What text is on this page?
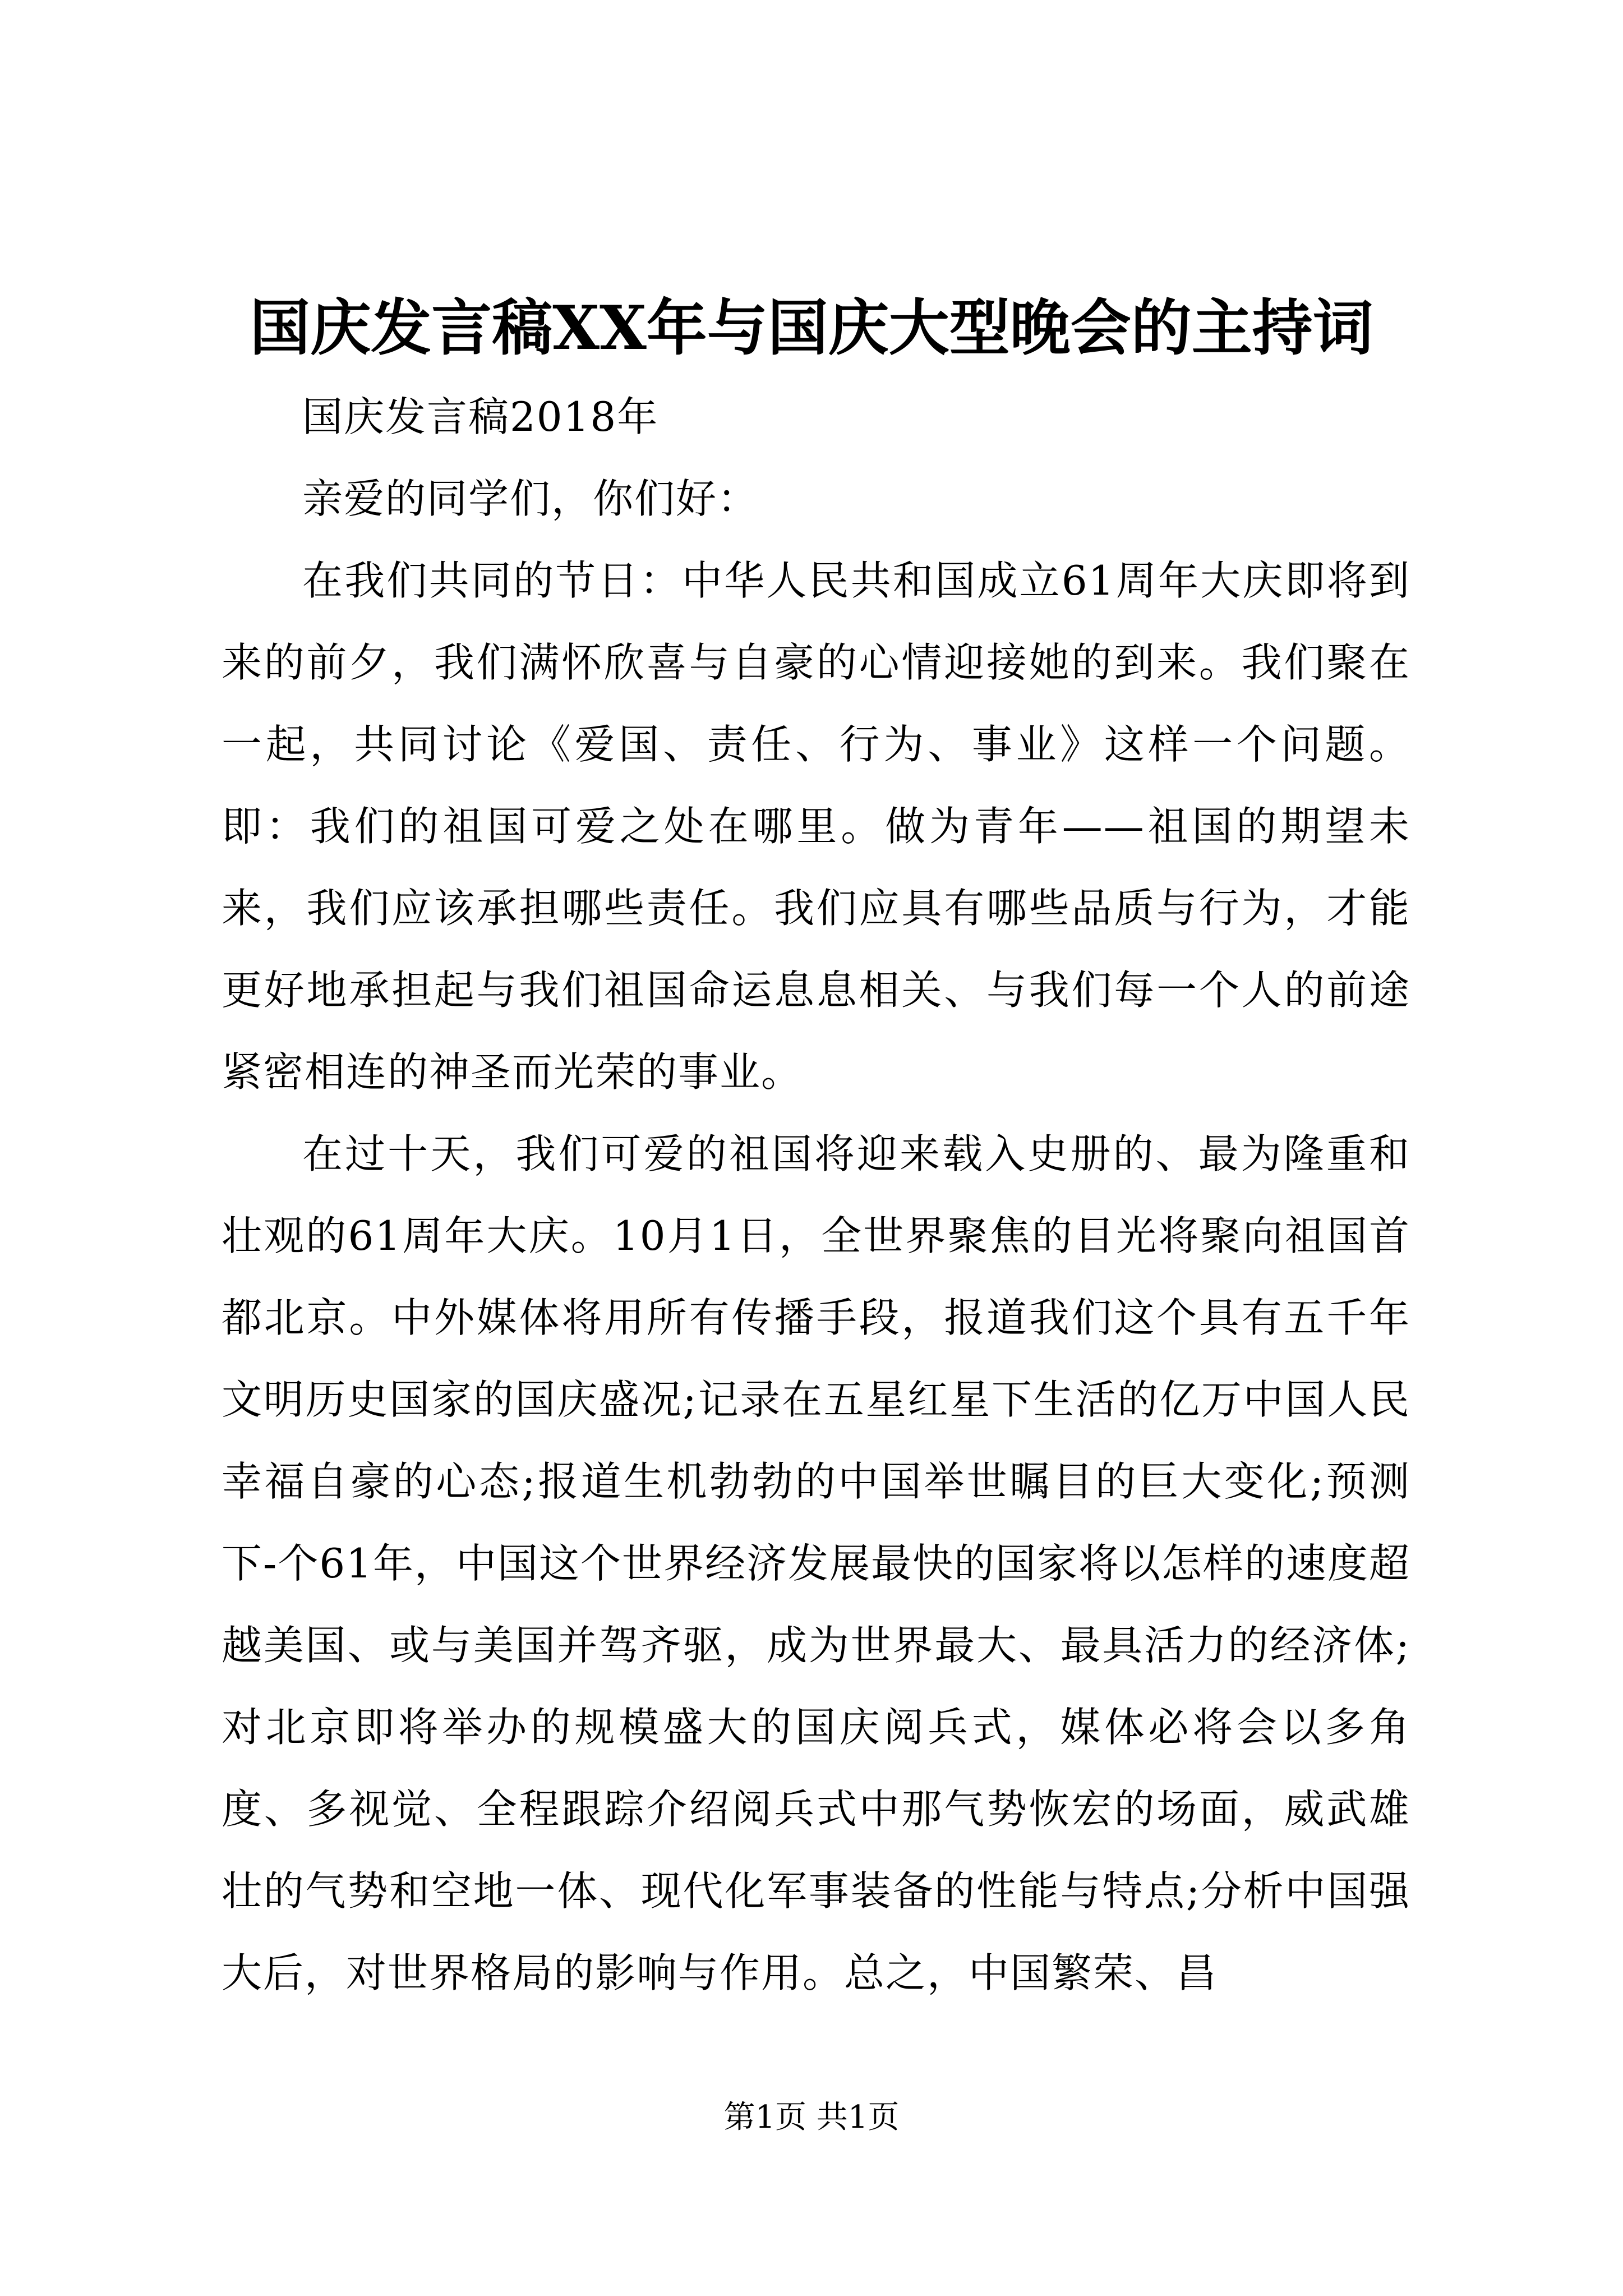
国庆发言稿XX年与国庆大型晚会的主持词

国庆发言稿2018年

亲爱的同学们，你们好：

在我们共同的节日：中华人民共和国成立61周年大庆即将到来的前夕，我们满怀欣喜与自豪的心情迎接她的到来。我们聚在一起，共同讨论《爱国、责任、行为、事业》这样一个问题。即：我们的祖国可爱之处在哪里。做为青年——祖国的期望未来，我们应该承担哪些责任。我们应具有哪些品质与行为，才能更好地承担起与我们祖国命运息息相关、与我们每一个人的前途紧密相连的神圣而光荣的事业。

在过十天，我们可爱的祖国将迎来载入史册的、最为隆重和壮观的61周年大庆。10月1日，全世界聚焦的目光将聚向祖国首都北京。中外媒体将用所有传播手段，报道我们这个具有五千年文明历史国家的国庆盛况;记录在五星红星下生活的亿万中国人民幸福自豪的心态;报道生机勃勃的中国举世瞩目的巨大变化;预测下-个61年，中国这个世界经济发展最快的国家将以怎样的速度超越美国、或与美国并驾齐驱，成为世界最大、最具活力的经济体;对北京即将举办的规模盛大的国庆阅兵式，媒体必将会以多角度、多视觉、全程跟踪介绍阅兵式中那气势恢宏的场面，威武雄壮的气势和空地一体、现代化军事装备的性能与特点;分析中国强大后，对世界格局的影响与作用。总之，中国繁荣、昌

第1页 共1页
